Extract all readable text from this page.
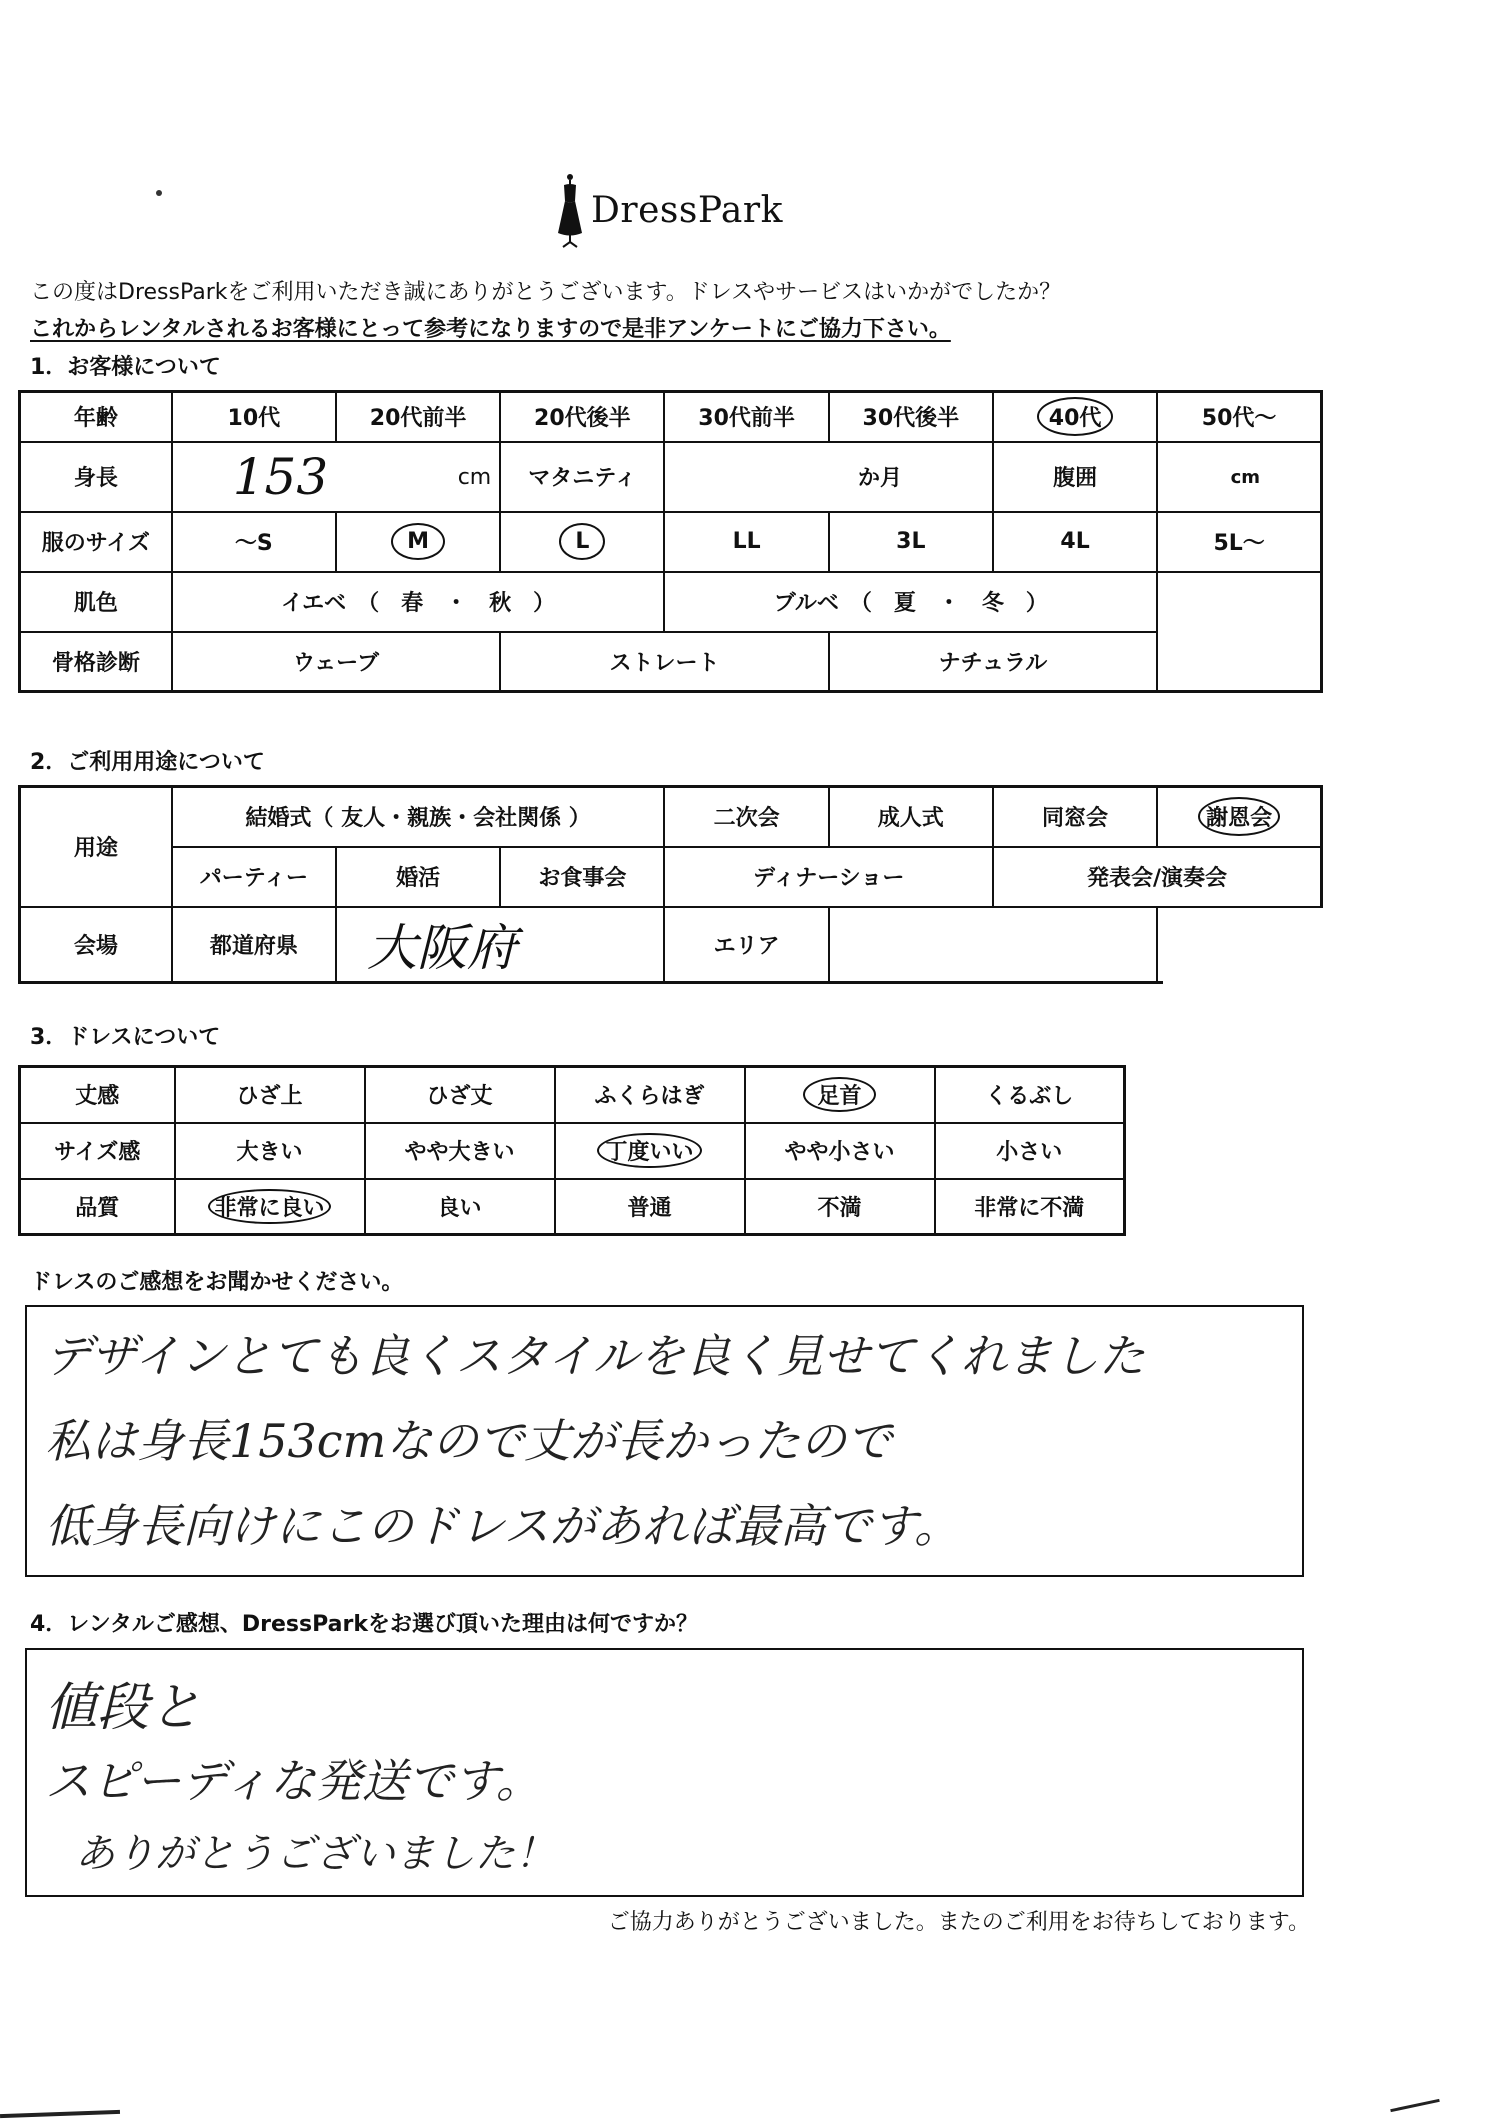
DressPark
この度はDressParkをご利用いただき誠にありがとうございます。ドレスやサービスはいかがでしたか？
これからレンタルされるお客様にとって参考になりますので是非アンケートにご協力下さい。
1．お客様について
年齢	10代	20代前半	20代後半	30代前半	30代後半	40代	50代～
身長	153 cm		マタニティ	か月		腹囲	cm
服のサイズ	～S	M	L	LL	3L	4L	5L～
肌色	イエベ　（　春　・　秋　）			ブルベ　（　夏　・　冬　）			
骨格診断	ウェーブ		ストレート		ナチュラル		
2．ご利用用途について
用途	結婚式（ 友人・親族・会社関係 ）			二次会	成人式	同窓会	謝恩会
	パーティー	婚活	お食事会	ディナーショー		発表会/演奏会	
会場	都道府県	大阪府		エリア			
3．ドレスについて
丈感	ひざ上	ひざ丈	ふくらはぎ	足首	くるぶし
サイズ感	大きい	やや大きい	丁度いい	やや小さい	小さい
品質	非常に良い	良い	普通	不満	非常に不満
ドレスのご感想をお聞かせください。
デザインとても良くスタイルを良く見せてくれました
私は身長153cmなので丈が長かったので
低身長向けにこのドレスがあれば最高です。
4．レンタルご感想、DressParkをお選び頂いた理由は何ですか？
値段と
スピーディな発送です。
ありがとうございました！
ご協力ありがとうございました。またのご利用をお待ちしております。
